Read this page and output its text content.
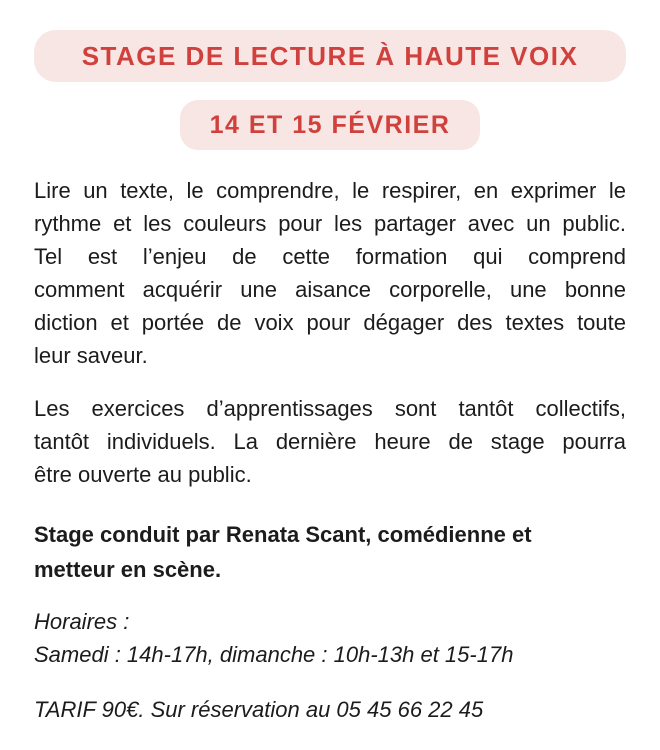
STAGE DE LECTURE À HAUTE VOIX
14 ET 15 FÉVRIER

Lire un texte, le comprendre, le respirer, en exprimer le
rythme et les couleurs pour les partager avec un public.
Tel est l’enjeu de cette formation qui comprend
comment acquérir une aisance corporelle, une bonne
diction et portée de voix pour dégager des textes toute
leur saveur.

Les exercices d’apprentissages sont tantôt collectifs,
tantôt individuels. La dernière heure de stage pourra
être ouverte au public.

Stage conduit par Renata Scant, comédienne et
metteur en scène.

Horaires :
Samedi : 14h-17h, dimanche : 10h-13h et 15-17h

TARIF 90€. Sur réservation au 05 45 66 22 45
